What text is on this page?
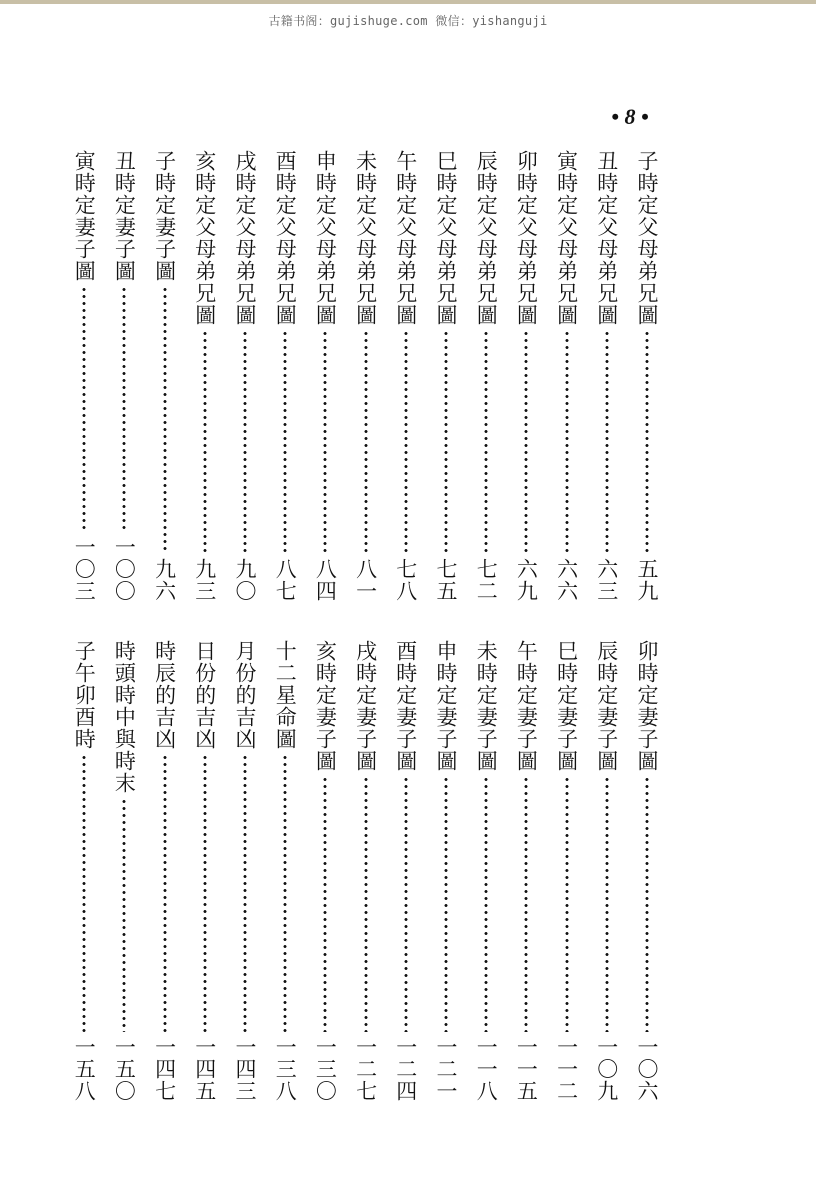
古籍书阁：gujishuge.com 微信：yishanguji
• 8 •
子時定父母弟兄圖
五九
丑時定父母弟兄圖
六三
寅時定父母弟兄圖
六六
卯時定父母弟兄圖
六九
辰時定父母弟兄圖
七二
巳時定父母弟兄圖
七五
午時定父母弟兄圖
七八
未時定父母弟兄圖
八一
申時定父母弟兄圖
八四
酉時定父母弟兄圖
八七
戌時定父母弟兄圖
九〇
亥時定父母弟兄圖
九三
子時定妻子圖
九六
丑時定妻子圖
一〇〇
寅時定妻子圖
一〇三
卯時定妻子圖
一〇六
辰時定妻子圖
一〇九
巳時定妻子圖
一一二
午時定妻子圖
一一五
未時定妻子圖
一一八
申時定妻子圖
一二一
酉時定妻子圖
一二四
戌時定妻子圖
一二七
亥時定妻子圖
一三〇
十二星命圖
一三八
月份的吉凶
一四三
日份的吉凶
一四五
時辰的吉凶
一四七
時頭時中與時末
一五〇
子午卯酉時
一五八
